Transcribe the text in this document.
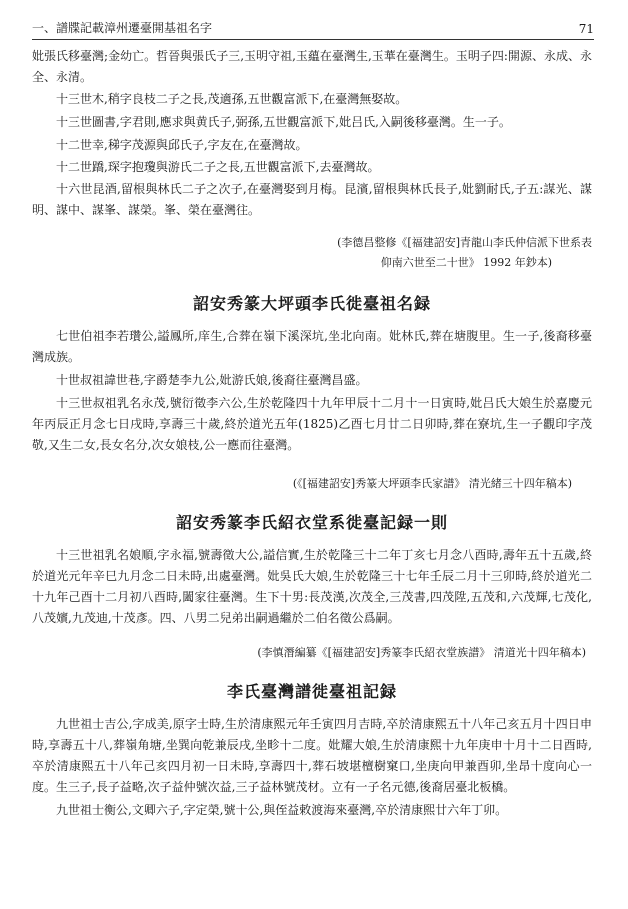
一、譜牒記載漳州遷臺開基祖名字	71

妣張氏移臺灣;金幼亡。哲晉與張氏子三,玉明守祖,玉蘊在臺灣生,玉華在臺灣生。玉明子四:開源、永成、永全、永清。

十三世木,稍字良枝二子之長,茂適孫,五世觀富派下,在臺灣無娶故。

十三世圖書,字君則,應求與黄氏子,弼孫,五世觀富派下,妣吕氏,入嗣後移臺灣。生一子。

十二世幸,稊字茂源與邱氏子,字友在,在臺灣故。

十二世蹻,琛字抱瓊與游氏二子之長,五世觀富派下,去臺灣故。

十六世昆酒,留根與林氏二子之次子,在臺灣娶到月梅。昆濱,留根與林氏長子,妣劉耐氏,子五:謀光、謀明、謀中、謀峯、謀榮。峯、榮在臺灣往。

(李德昌整修《[福建詔安]青龍山李氏仲信派下世系表

仰南六世至二十世》 1992 年鈔本)

詔安秀篆大坪頭李氏徙臺祖名録

七世伯祖李若瓚公,謚鳳所,庠生,合葬在嶺下溪深坑,坐北向南。妣林氏,葬在塘腹里。生一子,後裔移臺灣成族。

十世叔祖諱世巷,字爵楚李九公,妣游氏娘,後裔往臺灣昌盛。

十三世叔祖乳名永茂,號衍徵李六公,生於乾隆四十九年甲辰十二月十一日寅時,妣吕氏大娘生於嘉慶元年丙辰正月念七日戌時,享壽三十歲,終於道光五年(1825)乙酉七月廿二日卯時,葬在寮坑,生一子觀印字茂敬,又生二女,長女名分,次女娘枝,公一應而往臺灣。

(《[福建詔安]秀篆大坪頭李氏家譜》 清光緒三十四年稿本)

詔安秀篆李氏紹衣堂系徙臺記録一則

十三世祖乳名娘順,字永福,號壽徵大公,謚信實,生於乾隆三十二年丁亥七月念八酉時,壽年五十五歲,終於道光元年辛巳九月念二日未時,出處臺灣。妣吳氏大娘,生於乾隆三十七年壬辰二月十三卯時,終於道光二十九年己酉十二月初八酉時,闔家往臺灣。生下十男:長茂漢,次茂全,三茂書,四茂陞,五茂和,六茂輝,七茂化,八茂嬪,九茂迪,十茂彥。四、八男二兒弟出嗣過繼於二伯名徵公爲嗣。

(李慎潛編纂《[福建詔安]秀篆李氏紹衣堂族譜》 清道光十四年稿本)

李氏臺灣譜徙臺祖記録

九世祖士吉公,字成美,原字士時,生於清康熙元年壬寅四月吉時,卒於清康熙五十八年己亥五月十四日申時,享壽五十八,葬嶺角塘,坐巽向乾兼辰戌,坐畛十二度。妣耀大娘,生於清康熙十九年庚申十月十二日酉時,卒於清康熙五十八年己亥四月初一日未時,享壽四十,葬石坡堪檀樹窠口,坐庚向甲兼酉卯,坐昂十度向心一度。生三子,長子益略,次子益仲號次益,三子益林號茂材。立有一子名元德,後裔居臺北板橋。

九世祖士衡公,文卿六子,字定榮,號十公,與侄益敕渡海來臺灣,卒於清康熙廿六年丁卯。
